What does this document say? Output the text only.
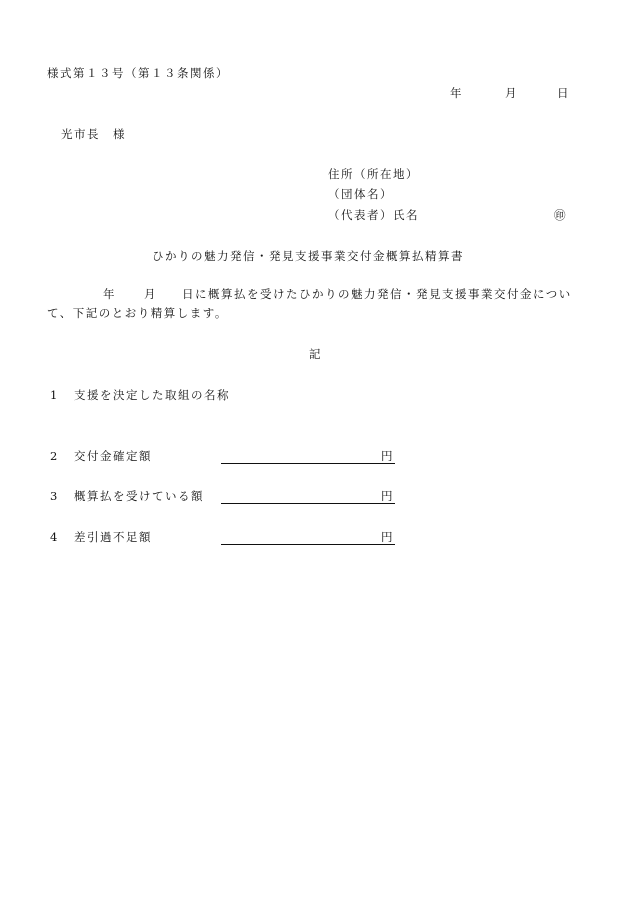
様式第１３号（第１３条関係）
年	月	日
光市長　様
住所（所在地）
（団体名）
（代表者）氏名	㊞
ひかりの魅力発信・発見支援事業交付金概算払精算書
年 月 日に概算払を受けたひかりの魅力発信・発見支援事業交付金につい
て、下記のとおり精算します。
記
1 支援を決定した取組の名称
2 交付金確定額	円
3 概算払を受けている額	円
4 差引過不足額	円
